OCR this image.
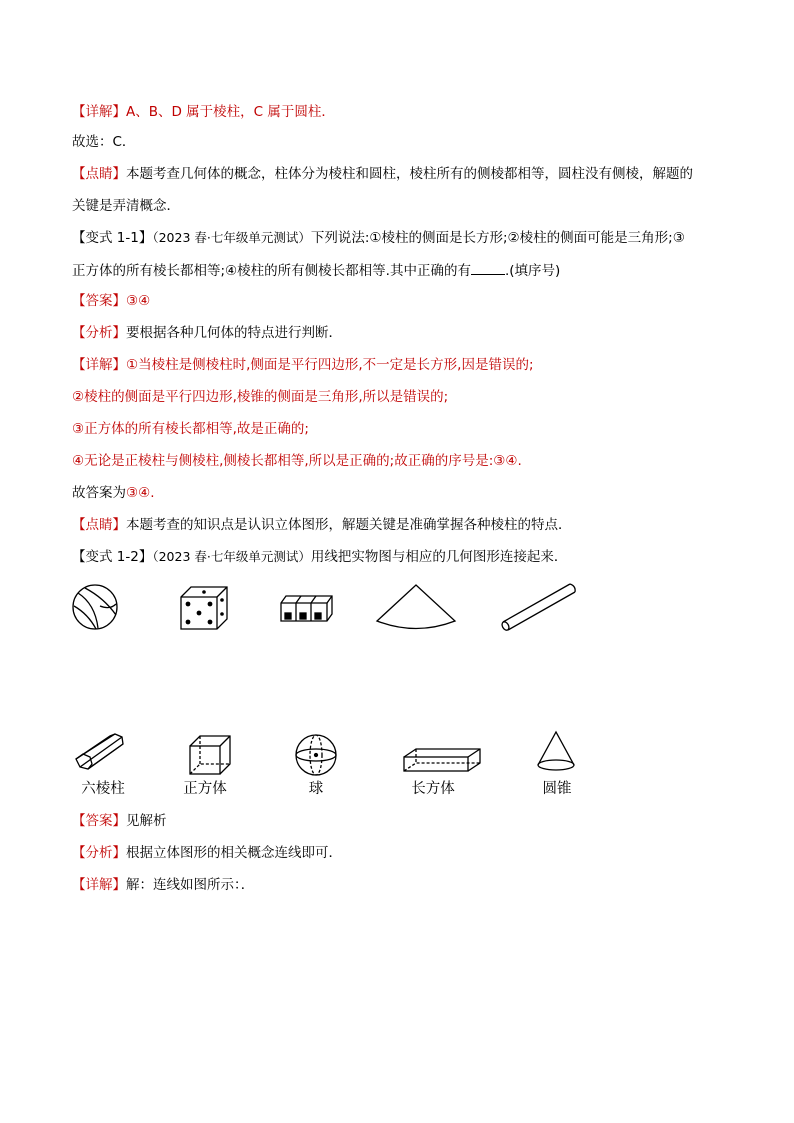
【详解】A、B、D 属于棱柱，C 属于圆柱．
故选：C．
【点睛】本题考查几何体的概念，柱体分为棱柱和圆柱，棱柱所有的侧棱都相等，圆柱没有侧棱，解题的
关键是弄清概念．
【变式 1-1】（2023 春·七年级单元测试）下列说法:①棱柱的侧面是长方形;②棱柱的侧面可能是三角形;③
正方体的所有棱长都相等;④棱柱的所有侧棱长都相等.其中正确的有	.(填序号)
【答案】③④
【分析】要根据各种几何体的特点进行判断．
【详解】①当棱柱是侧棱柱时,侧面是平行四边形,不一定是长方形,因是错误的;
②棱柱的侧面是平行四边形,棱锥的侧面是三角形,所以是错误的;
③正方体的所有棱长都相等,故是正确的;
④无论是正棱柱与侧棱柱,侧棱长都相等,所以是正确的;故正确的序号是:③④.
故答案为③④.
【点睛】本题考查的知识点是认识立体图形，解题关键是准确掌握各种棱柱的特点．
【变式 1-2】（2023 春·七年级单元测试）用线把实物图与相应的几何图形连接起来．
六棱柱	正方体	球	长方体	圆锥
【答案】见解析
【分析】根据立体图形的相关概念连线即可．
【详解】解：连线如图所示：．
